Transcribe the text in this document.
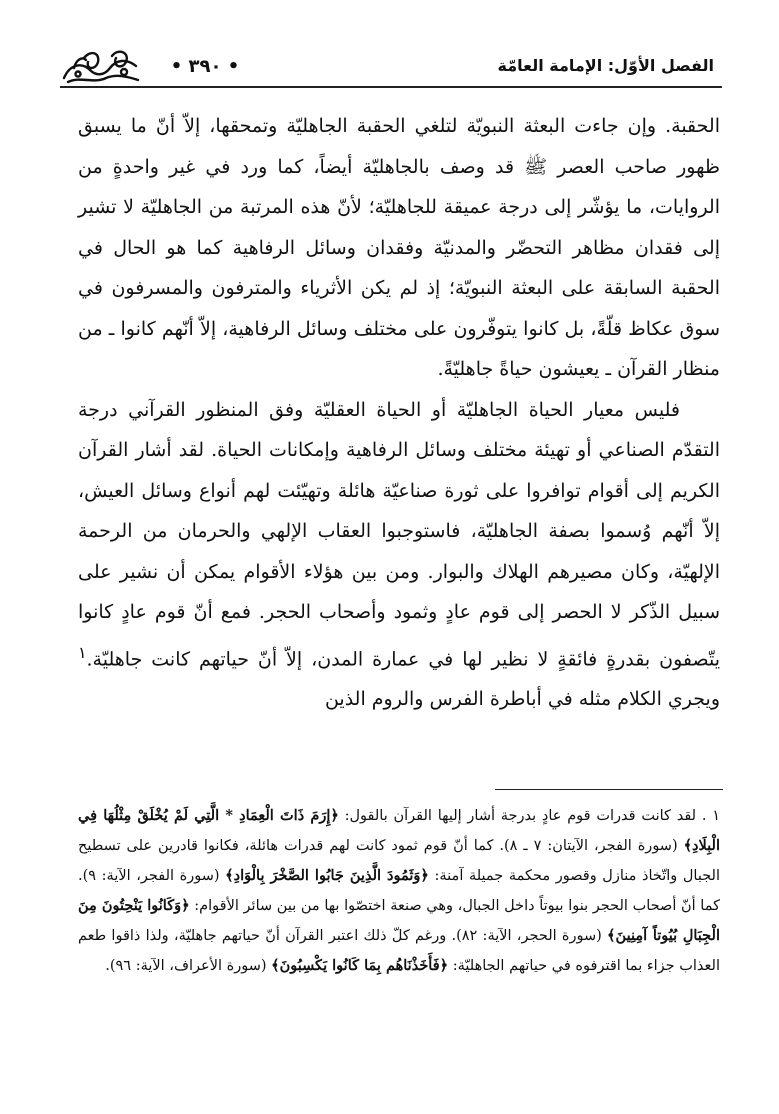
الفصل الأوّل: الإمامة العامّة
• ٣٩٠ •

الحقبة. وإن جاءت البعثة النبويّة لتلغي الحقبة الجاهليّة وتمحقها، إلاّ أنّ ما يسبق ظهور صاحب العصر ﷺ قد وصف بالجاهليّة أيضاً، كما ورد في غير واحدةٍ من الروايات، ما يؤشّر إلى درجة عميقة للجاهليّة؛ لأنّ هذه المرتبة من الجاهليّة لا تشير إلى فقدان مظاهر التحضّر والمدنيّة وفقدان وسائل الرفاهية كما هو الحال في الحقبة السابقة على البعثة النبويّة؛ إذ لم يكن الأثرياء والمترفون والمسرفون في سوق عكاظ قلّةً، بل كانوا يتوفّرون على مختلف وسائل الرفاهية، إلاّ أنّهم كانوا ـ من منظار القرآن ـ يعيشون حياةً جاهليّةً.

فليس معيار الحياة الجاهليّة أو الحياة العقليّة وفق المنظور القرآني درجة التقدّم الصناعي أو تهيئة مختلف وسائل الرفاهية وإمكانات الحياة. لقد أشار القرآن الكريم إلى أقوام توافروا على ثورة صناعيّة هائلة وتهيّئت لهم أنواع وسائل العيش، إلاّ أنّهم وُسموا بصفة الجاهليّة، فاستوجبوا العقاب الإلهي والحرمان من الرحمة الإلهيّة، وكان مصيرهم الهلاك والبوار. ومن بين هؤلاء الأقوام يمكن أن نشير على سبيل الذّكر لا الحصر إلى قوم عادٍ وثمود وأصحاب الحجر. فمع أنّ قوم عادٍ كانوا يتّصفون بقدرةٍ فائقةٍ لا نظير لها في عمارة المدن، إلاّ أنّ حياتهم كانت جاهليّة.$^١$ ويجري الكلام مثله في أباطرة الفرس والروم الذين

١ . لقد كانت قدرات قوم عادٍ بدرجة أشار إليها القرآن بالقول: ﴿إِرَمَ ذَاتَ الْعِمَادِ * الَّتِي لَمْ يُخْلَقْ مِثْلُهَا فِي الْبِلَادِ﴾ (سورة الفجر، الآيتان: ٧ ـ ٨). كما أنّ قوم ثمود كانت لهم قدرات هائلة، فكانوا قادرين على تسطيح الجبال واتّخاذ منازل وقصور محكمة جميلة آمنة: ﴿وَثَمُودَ الَّذِينَ جَابُوا الصَّخْرَ بِالْوَادِ﴾ (سورة الفجر، الآية: ٩). كما أنّ أصحاب الحجر بنوا بيوتاً داخل الجبال، وهي صنعة اختصّوا بها من بين سائر الأقوام: ﴿وَكَانُوا يَنْحِتُونَ مِنَ الْجِبَالِ بُيُوتاً آمِنِينَ﴾ (سورة الحجر، الآية: ٨٢). ورغم كلّ ذلك اعتبر القرآن أنّ حياتهم جاهليّة، ولذا ذاقوا طعم العذاب جزاء بما اقترفوه في حياتهم الجاهليّة: ﴿فَأَخَذْنَاهُم بِمَا كَانُوا يَكْسِبُونَ﴾ (سورة الأعراف، الآية: ٩٦).
